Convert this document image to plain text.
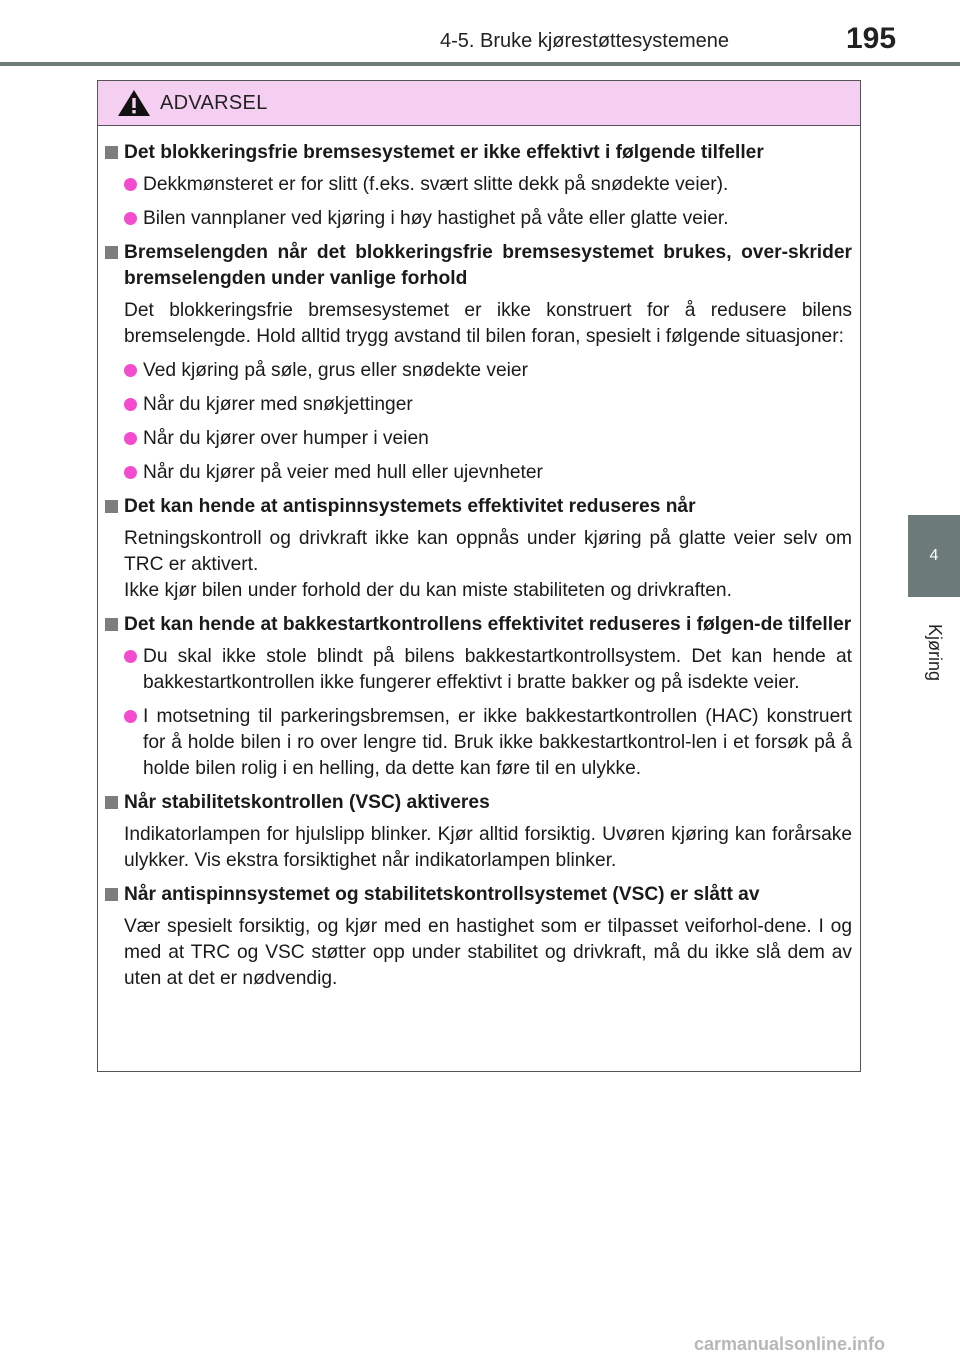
4-5. Bruke kjørestøttesystemene	195
4
Kjøring
ADVARSEL
Det blokkeringsfrie bremsesystemet er ikke effektivt i følgende tilfeller
Dekkmønsteret er for slitt (f.eks. svært slitte dekk på snødekte veier).
Bilen vannplaner ved kjøring i høy hastighet på våte eller glatte veier.
Bremselengden når det blokkeringsfrie bremsesystemet brukes, over-skrider bremselengden under vanlige forhold
Det blokkeringsfrie bremsesystemet er ikke konstruert for å redusere bilens bremselengde. Hold alltid trygg avstand til bilen foran, spesielt i følgende situasjoner:
Ved kjøring på søle, grus eller snødekte veier
Når du kjører med snøkjettinger
Når du kjører over humper i veien
Når du kjører på veier med hull eller ujevnheter
Det kan hende at antispinnsystemets effektivitet reduseres når
Retningskontroll og drivkraft ikke kan oppnås under kjøring på glatte veier selv om TRC er aktivert.
Ikke kjør bilen under forhold der du kan miste stabiliteten og drivkraften.
Det kan hende at bakkestartkontrollens effektivitet reduseres i følgen-de tilfeller
Du skal ikke stole blindt på bilens bakkestartkontrollsystem. Det kan hende at bakkestartkontrollen ikke fungerer effektivt i bratte bakker og på isdekte veier.
I motsetning til parkeringsbremsen, er ikke bakkestartkontrollen (HAC) konstruert for å holde bilen i ro over lengre tid. Bruk ikke bakkestartkontrol-len i et forsøk på å holde bilen rolig i en helling, da dette kan føre til en ulykke.
Når stabilitetskontrollen (VSC) aktiveres
Indikatorlampen for hjulslipp blinker. Kjør alltid forsiktig. Uvøren kjøring kan forårsake ulykker. Vis ekstra forsiktighet når indikatorlampen blinker.
Når antispinnsystemet og stabilitetskontrollsystemet (VSC) er slått av
Vær spesielt forsiktig, og kjør med en hastighet som er tilpasset veiforhol-dene. I og med at TRC og VSC støtter opp under stabilitet og drivkraft, må du ikke slå dem av uten at det er nødvendig.
carmanualsonline.info
